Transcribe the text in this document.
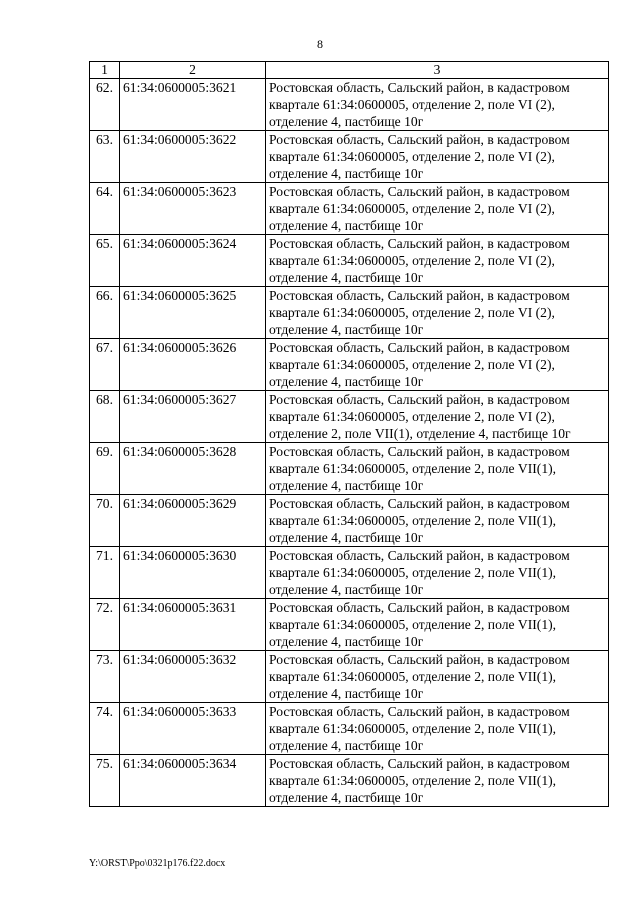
8
1	2	3
62.	61:34:0600005:3621	Ростовская область, Сальский район, в кадастровом квартале 61:34:0600005, отделение 2, поле VI (2), отделение 4, пастбище 10г
63.	61:34:0600005:3622	Ростовская область, Сальский район, в кадастровом квартале 61:34:0600005, отделение 2, поле VI (2), отделение 4, пастбище 10г
64.	61:34:0600005:3623	Ростовская область, Сальский район, в кадастровом квартале 61:34:0600005, отделение 2, поле VI (2), отделение 4, пастбище 10г
65.	61:34:0600005:3624	Ростовская область, Сальский район, в кадастровом квартале 61:34:0600005, отделение 2, поле VI (2), отделение 4, пастбище 10г
66.	61:34:0600005:3625	Ростовская область, Сальский район, в кадастровом квартале 61:34:0600005, отделение 2, поле VI (2), отделение 4, пастбище 10г
67.	61:34:0600005:3626	Ростовская область, Сальский район, в кадастровом квартале 61:34:0600005, отделение 2, поле VI (2), отделение 4, пастбище 10г
68.	61:34:0600005:3627	Ростовская область, Сальский район, в кадастровом квартале 61:34:0600005, отделение 2, поле VI (2), отделение 2, поле VII(1), отделение 4, пастбище 10г
69.	61:34:0600005:3628	Ростовская область, Сальский район, в кадастровом квартале 61:34:0600005, отделение 2, поле VII(1), отделение 4, пастбище 10г
70.	61:34:0600005:3629	Ростовская область, Сальский район, в кадастровом квартале 61:34:0600005, отделение 2, поле VII(1), отделение 4, пастбище 10г
71.	61:34:0600005:3630	Ростовская область, Сальский район, в кадастровом квартале 61:34:0600005, отделение 2, поле VII(1), отделение 4, пастбище 10г
72.	61:34:0600005:3631	Ростовская область, Сальский район, в кадастровом квартале 61:34:0600005, отделение 2, поле VII(1), отделение 4, пастбище 10г
73.	61:34:0600005:3632	Ростовская область, Сальский район, в кадастровом квартале 61:34:0600005, отделение 2, поле VII(1), отделение 4, пастбище 10г
74.	61:34:0600005:3633	Ростовская область, Сальский район, в кадастровом квартале 61:34:0600005, отделение 2, поле VII(1), отделение 4, пастбище 10г
75.	61:34:0600005:3634	Ростовская область, Сальский район, в кадастровом квартале 61:34:0600005, отделение 2, поле VII(1), отделение 4, пастбище 10г
Y:\ORST\Ppo\0321p176.f22.docx
